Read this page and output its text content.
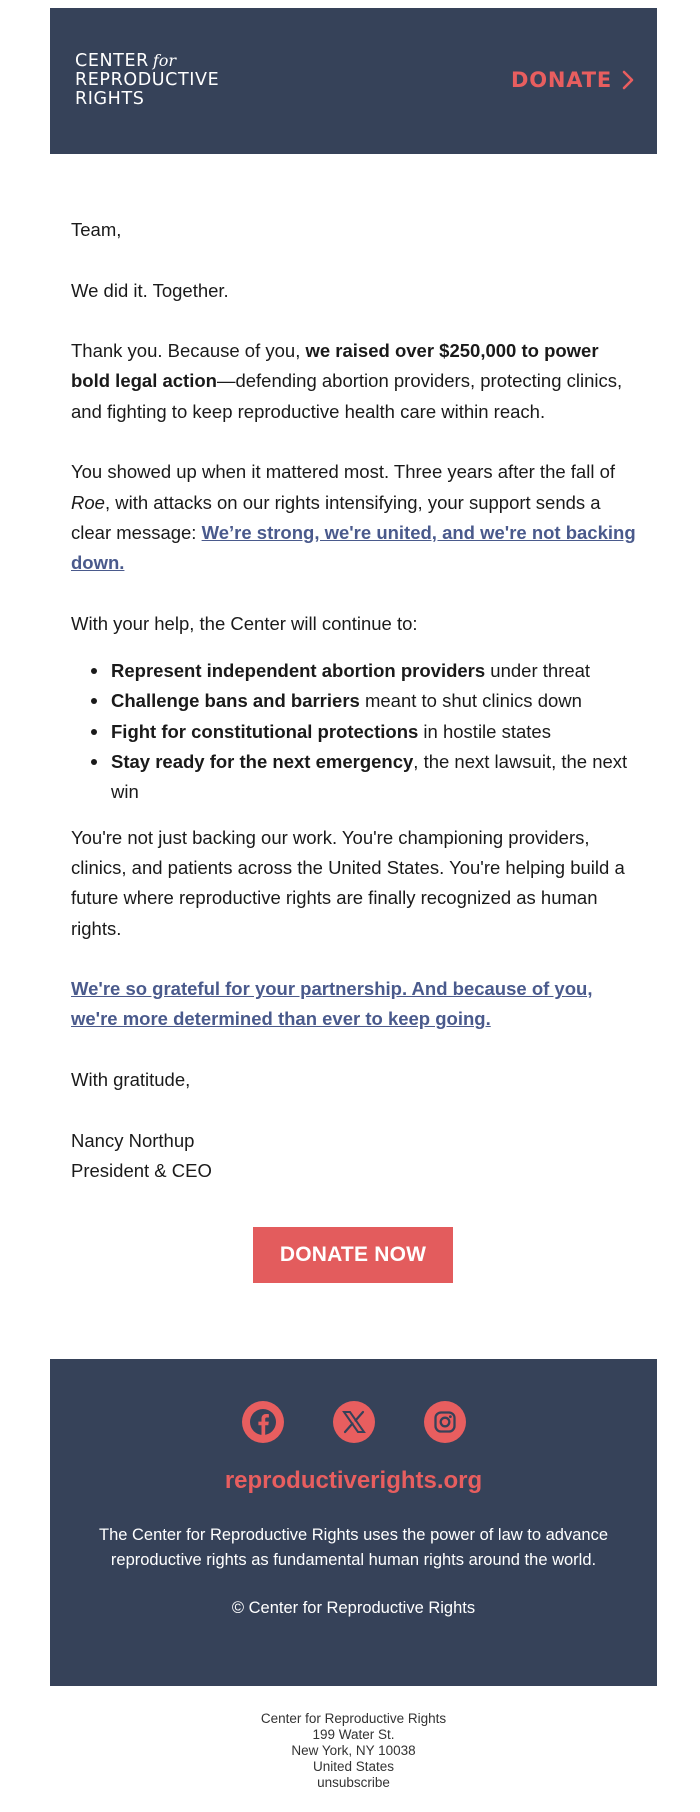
CENTER for
REPRODUCTIVE
RIGHTS
DONATE

Team,

We did it. Together.

Thank you. Because of you, we raised over $250,000 to power bold legal action—defending abortion providers, protecting clinics, and fighting to keep reproductive health care within reach.

You showed up when it mattered most. Three years after the fall of Roe, with attacks on our rights intensifying, your support sends a clear message: We’re strong, we're united, and we're not backing down.

With your help, the Center will continue to:

Represent independent abortion providers under threat
Challenge bans and barriers meant to shut clinics down
Fight for constitutional protections in hostile states
Stay ready for the next emergency, the next lawsuit, the next win

You're not just backing our work. You're championing providers, clinics, and patients across the United States. You're helping build a future where reproductive rights are finally recognized as human rights.

We're so grateful for your partnership. And because of you, we're more determined than ever to keep going.

With gratitude,

Nancy Northup

President & CEO

DONATE NOW
reproductiverights.org
The Center for Reproductive Rights uses the power of law to advance reproductive rights as fundamental human rights around the world.
© Center for Reproductive Rights
Center for Reproductive Rights
199 Water St.
New York, NY 10038
United States
unsubscribe
